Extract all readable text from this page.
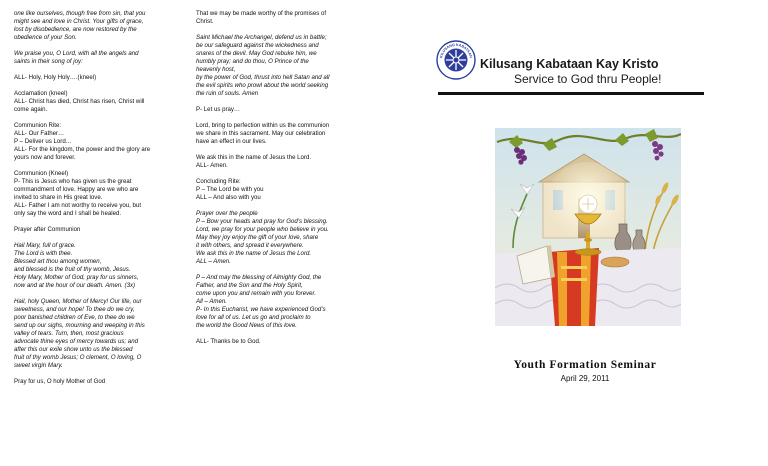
one like ourselves, though free from sin, that you
might see and love in Christ. Your gifts of grace,
lost by disobedience, are now restored by the
obedience of your Son.

We praise you, O Lord, with all the angels and
saints in their song of joy:

ALL- Holy, Holy Holy….(kneel)

Acclamation (kneel)
ALL- Christ has died, Christ has risen, Christ will
come again.

Communion Rite:
ALL- Our Father…
P – Deliver us Lord…
ALL- For the kingdom, the power and the glory are
yours now and forever.

Communion (Kneel)
P- This is Jesus who has given us the great
commandment of love. Happy are we who are
invited to share in His great love.
ALL- Father I am not worthy to receive you, but
only say the word and I shall be healed.

Prayer after Communion

Hail Mary, full of grace.
The Lord is with thee.
Blessed art thou among women,
and blessed is the fruit of thy womb, Jesus.
Holy Mary, Mother of God, pray for us sinners,
now and at the hour of our death. Amen. (3x)

Hail, holy Queen, Mother of Mercy! Our life, our
sweetness, and our hope! To thee do we cry,
poor banished children of Eve, to thee do we
send up our sighs, mourning and weeping in this
valley of tears. Turn, then, most gracious
advocate thine eyes of mercy towards us; and
after this our exile show unto us the blessed
fruit of thy womb Jesus; O clement, O loving, O
sweet virgin Mary.

Pray for us, O holy Mother of God

That we may be made worthy of the promises of
Christ.

Saint Michael the Archangel, defend us in battle;
be our safeguard against the wickedness and
snares of the devil. May God rebuke him, we
humbly pray; and do thou, O Prince of the
heavenly host,
by the power of God, thrust into hell Satan and all
the evil spirits who prowl about the world seeking
the ruin of souls. Amen

P- Let us pray…

Lord, bring to perfection within us the communion
we share in this sacrament. May our celebration
have an effect in our lives.

We ask this in the name of Jesus the Lord.
ALL- Amen.

Concluding Rite:
P – The Lord be with you
ALL – And also with you

Prayer over the people
P – Bow your heads and pray for God’s blessing.
Lord, we pray for your people who believe in you.
May they joy enjoy the gift of your love, share
it with others, and spread it everywhere.
We ask this in the name of Jesus the Lord.
ALL – Amen.

P – And may the blessing of Almighty God, the
Father, and the Son and the Holy Spirit,
come upon you and remain with you forever.
All – Amen.
P- In this Eucharist, we have experienced God’s
love for all of us. Let us go and proclaim to
the world the Good News of this love.

ALL- Thanks be to God.

KILUSANG KABATAAN
1993 Kilusang Kabataan Kay Kristo
Service to God thru People!
Youth Formation Seminar
April 29, 2011
